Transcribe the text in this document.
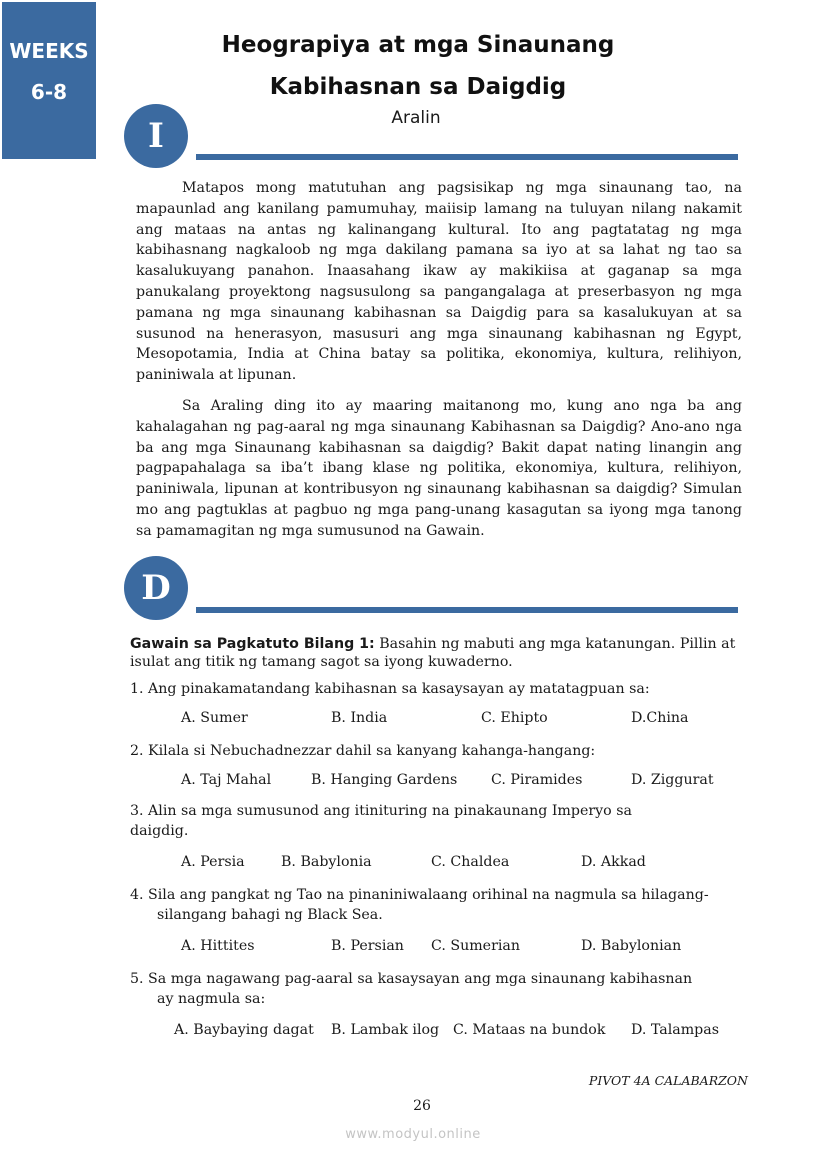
WEEKS
6-8
Heograpiya at mga Sinaunang
Kabihasnan sa Daigdig
Aralin
I

Matapos mong matutuhan ang pagsisikap ng mga sinaunang tao, na mapaunlad ang kanilang pamumuhay, maiisip lamang na tuluyan nilang nakamit ang mataas na antas ng kalinangang kultural. Ito ang pagtatatag ng mga kabihasnang nagkaloob ng mga dakilang pamana sa iyo at sa lahat ng tao sa kasalukuyang panahon. Inaasahang ikaw ay makikiisa at gaganap sa mga panukalang proyektong nagsusulong sa pangangalaga at preserbasyon ng mga pamana ng mga sinaunang kabihasnan sa Daigdig para sa kasalukuyan at sa susunod na henerasyon, masusuri ang mga sinaunang kabihasnan ng Egypt, Mesopotamia, India at China batay sa politika, ekonomiya, kultura, relihiyon, paniniwala at lipunan.

Sa Araling ding ito ay maaring maitanong mo, kung ano nga ba ang kahalagahan ng pag-aaral ng mga sinaunang Kabihasnan sa Daigdig? Ano-ano nga ba ang mga Sinaunang kabihasnan sa daigdig? Bakit dapat nating linangin ang pagpapahalaga sa iba’t ibang klase ng politika, ekonomiya, kultura, relihiyon, paniniwala, lipunan at kontribusyon ng sinaunang kabihasnan sa daigdig? Simulan mo ang pagtuklas at pagbuo ng mga pang-unang kasagutan sa iyong mga tanong sa pamamagitan ng mga sumusunod na Gawain.

D
Gawain sa Pagkatuto Bilang 1: Basahin ng mabuti ang mga katanungan. Pillin at isulat ang titik ng tamang sagot sa iyong kuwaderno.
1. Ang pinakamatandang kabihasnan sa kasaysayan ay matatagpuan sa:
A. Sumer	B. India	C. Ehipto	D.China
2. Kilala si Nebuchadnezzar dahil sa kanyang kahanga-hangang:
A. Taj Mahal	B. Hanging Gardens C. Piramides	D. Ziggurat
3. Alin sa mga sumusunod ang itinituring na pinakaunang Imperyo sa
daigdig.
A. Persia	B. Babylonia	C. Chaldea	D. Akkad
4. Sila ang pangkat ng Tao na pinaniniwalaang orihinal na nagmula sa hilagang-
silangang bahagi ng Black Sea.
A. Hittites	B. Persian C. Sumerian	D. Babylonian
5. Sa mga nagawang pag-aaral sa kasaysayan ang mga sinaunang kabihasnan
ay nagmula sa:
A. Baybaying dagat B. Lambak ilog C. Mataas na bundok D. Talampas
PIVOT 4A CALABARZON
26
www.modyul.online
